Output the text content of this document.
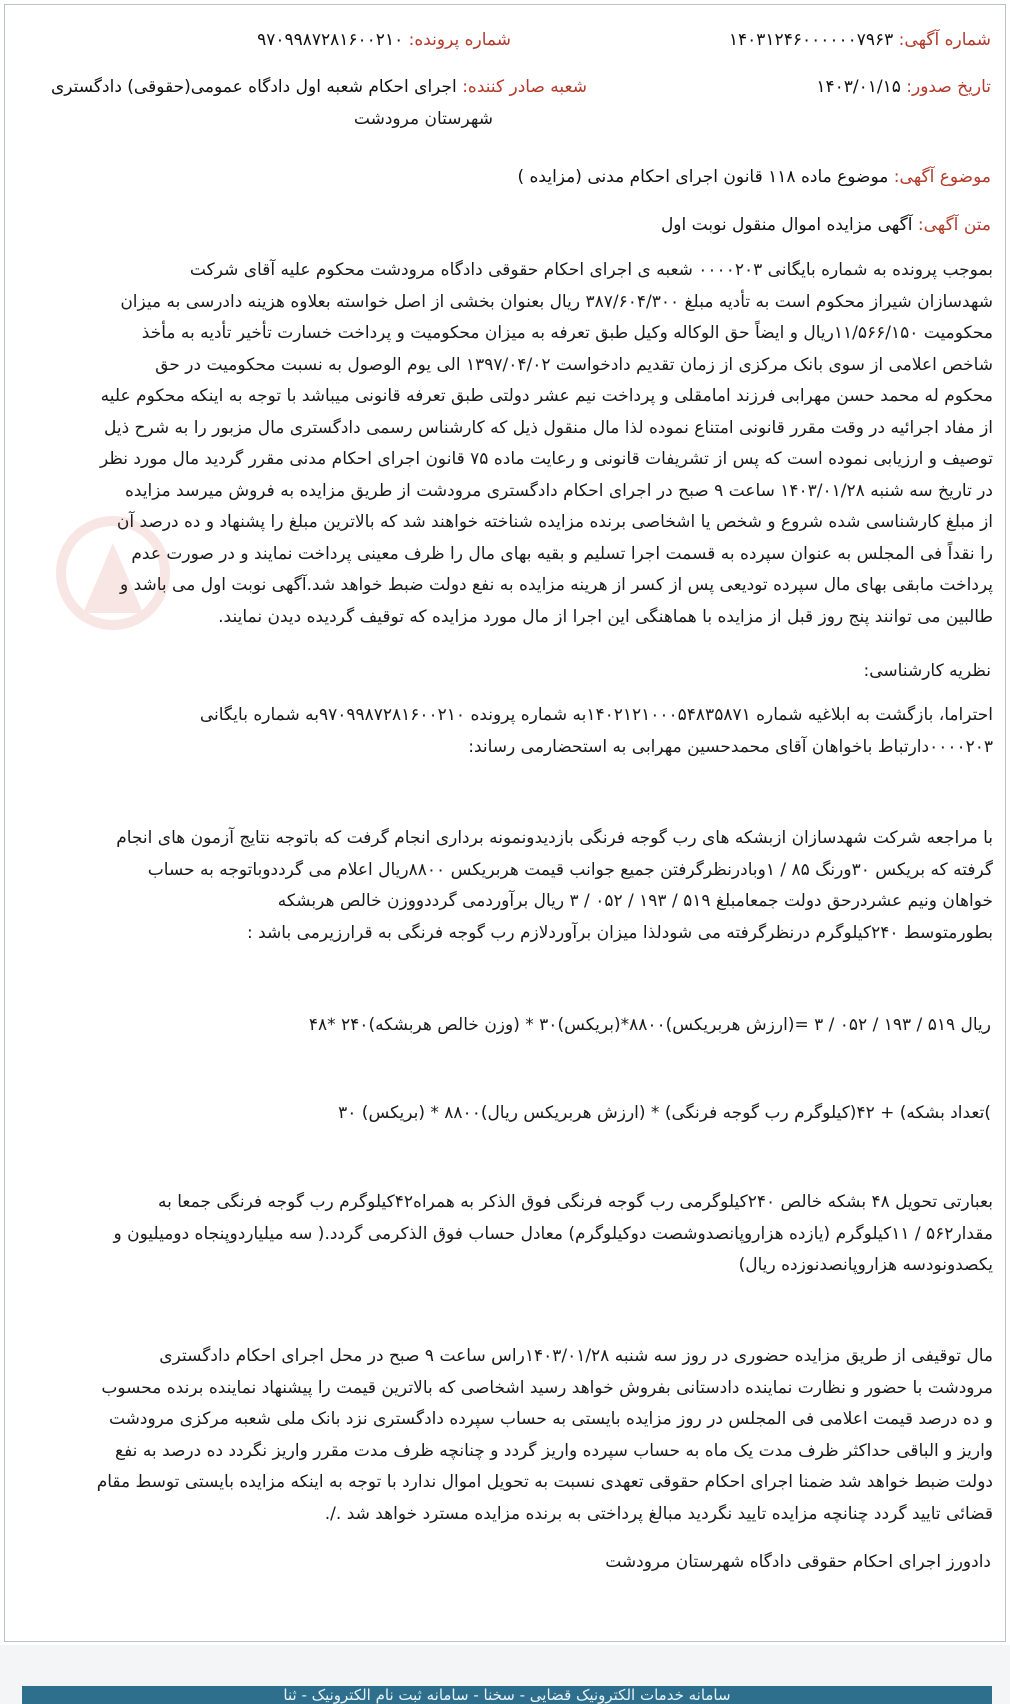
شماره آگهی: ۱۴۰۳۱۲۴۶۰۰۰۰۰۰۷۹۶۳
شماره پرونده: ۹۷۰۹۹۸۷۲۸۱۶۰۰۲۱۰
تاریخ صدور: ۱۴۰۳/۰۱/۱۵
شعبه صادر کننده: اجرای احکام شعبه اول دادگاه عمومی(حقوقی) دادگستری
شهرستان مرودشت
موضوع آگهی: موضوع ماده ۱۱۸ قانون اجرای احکام مدنی (مزایده )
متن آگهی: آگهی مزایده اموال منقول نوبت اول

بموجب پرونده به شماره بایگانی ۰۰۰۰۲۰۳ شعبه ی اجرای احکام حقوقی دادگاه مرودشت محکوم علیه آقای شرکت

شهدسازان شیراز محکوم است به تأدیه مبلغ ۳۸۷/۶۰۴/۳۰۰ ریال بعنوان بخشی از اصل خواسته بعلاوه هزینه دادرسی به میزان

محکومیت ۱۱/۵۶۶/۱۵۰ریال و ایضاً حق الوکاله وکیل طبق تعرفه به میزان محکومیت و پرداخت خسارت تأخیر تأدیه به مأخذ

شاخص اعلامی از سوی بانک مرکزی از زمان تقدیم دادخواست ۱۳۹۷/۰۴/۰۲ الی یوم الوصول به نسبت محکومیت در حق

محکوم له محمد حسن مهرابی فرزند امامقلی و پرداخت نیم عشر دولتی طبق تعرفه قانونی میباشد با توجه به اینکه محکوم علیه

از مفاد اجرائیه در وقت مقرر قانونی امتناع نموده لذا مال منقول ذیل که کارشناس رسمی دادگستری مال مزبور را به شرح ذیل

توصیف و ارزیابی نموده است که پس از تشریفات قانونی و رعایت ماده ۷۵ قانون اجرای احکام مدنی مقرر گردید مال مورد نظر

در تاریخ سه شنبه ۱۴۰۳/۰۱/۲۸ ساعت ۹ صبح در اجرای احکام دادگستری مرودشت از طریق مزایده به فروش میرسد مزایده

از مبلغ کارشناسی شده شروع و شخص یا اشخاصی برنده مزایده شناخته خواهند شد که بالاترین مبلغ را پشنهاد و ده درصد آن

را نقداً فی المجلس به عنوان سپرده به قسمت اجرا تسلیم و بقیه بهای مال را ظرف معینی پرداخت نمایند و در صورت عدم

پرداخت مابقی بهای مال سپرده تودیعی پس از کسر از هرینه مزایده به نفع دولت ضبط خواهد شد.آگهی نوبت اول می باشد و

طالبین می توانند پنج روز قبل از مزایده با هماهنگی این اجرا از مال مورد مزایده که توقیف گردیده دیدن نمایند.

نظریه کارشناسی:

احتراما، بازگشت به ابلاغیه شماره ۱۴۰۲۱۲۱۰۰۰۵۴۸۳۵۸۷۱به شماره پرونده ۹۷۰۹۹۸۷۲۸۱۶۰۰۲۱۰به شماره بایگانی

۰۰۰۰۲۰۳دارتباط باخواهان آقای محمدحسین مهرابی به استحضارمی رساند:

با مراجعه شرکت شهدسازان ازبشکه های رب گوجه فرنگی بازدیدونمونه برداری انجام گرفت که باتوجه نتایج آزمون های انجام

گرفته که بریکس ۳۰ورنگ ۸۵ / ۱وبادرنظرگرفتن جمیع جوانب قیمت هربریکس ۸۸۰۰ریال اعلام می گرددوباتوجه به حساب

خواهان ونیم عشردرحق دولت جمعامبلغ ۵۱۹ / ۱۹۳ / ۰۵۲ / ۳ ریال برآوردمی گرددووزن خالص هربشکه

بطورمتوسط ۲۴۰کیلوگرم درنظرگرفته می شودلذا میزان برآوردلازم رب گوجه فرنگی به قرارزیرمی باشد :

ریال ۵۱۹ / ۱۹۳ / ۰۵۲ / ۳ =(ارزش هربریکس)۸۸۰۰*(بریکس)۳۰ * (وزن خالص هربشکه)۲۴۰ *۴۸
)تعداد بشکه) + ۴۲(کیلوگرم رب گوجه فرنگی) * (ارزش هربریکس ریال)۸۸۰۰ * (بریکس) ۳۰

بعبارتی تحویل ۴۸ بشکه خالص ۲۴۰کیلوگرمی رب گوجه فرنگی فوق الذکر به همراه۴۲کیلوگرم رب گوجه فرنگی جمعا به

مقدار۵۶۲ / ۱۱کیلوگرم (یازده هزاروپانصدوشصت دوکیلوگرم) معادل حساب فوق الذکرمی گردد.( سه میلیاردوپنجاه دومیلیون و

یکصدونودسه هزاروپانصدنوزده ریال)

مال توقیفی از طریق مزایده حضوری در روز سه شنبه ۱۴۰۳/۰۱/۲۸راس ساعت ۹ صبح در محل اجرای احکام دادگستری

مرودشت با حضور و نظارت نماینده دادستانی بفروش خواهد رسید اشخاصی که بالاترین قیمت را پیشنهاد نماینده برنده محسوب

و ده درصد قیمت اعلامی فی المجلس در روز مزایده بایستی به حساب سپرده دادگستری نزد بانک ملی شعبه مرکزی مرودشت

واریز و الباقی حداکثر ظرف مدت یک ماه به حساب سپرده واریز گردد و چنانچه ظرف مدت مقرر واریز نگردد ده درصد به نفع

دولت ضبط خواهد شد ضمنا اجرای احکام حقوقی تعهدی نسبت به تحویل اموال ندارد با توجه به اینکه مزایده بایستی توسط مقام

قضائی تایید گردد چنانچه مزایده تایید نگردید مبالغ پرداختی به برنده مزایده مسترد خواهد شد ./.

دادورز اجرای احکام حقوقی دادگاه شهرستان مرودشت
سامانه خدمات الکترونیک قضایی - سخنا - سامانه ثبت نام الکترونیک - ثنا
